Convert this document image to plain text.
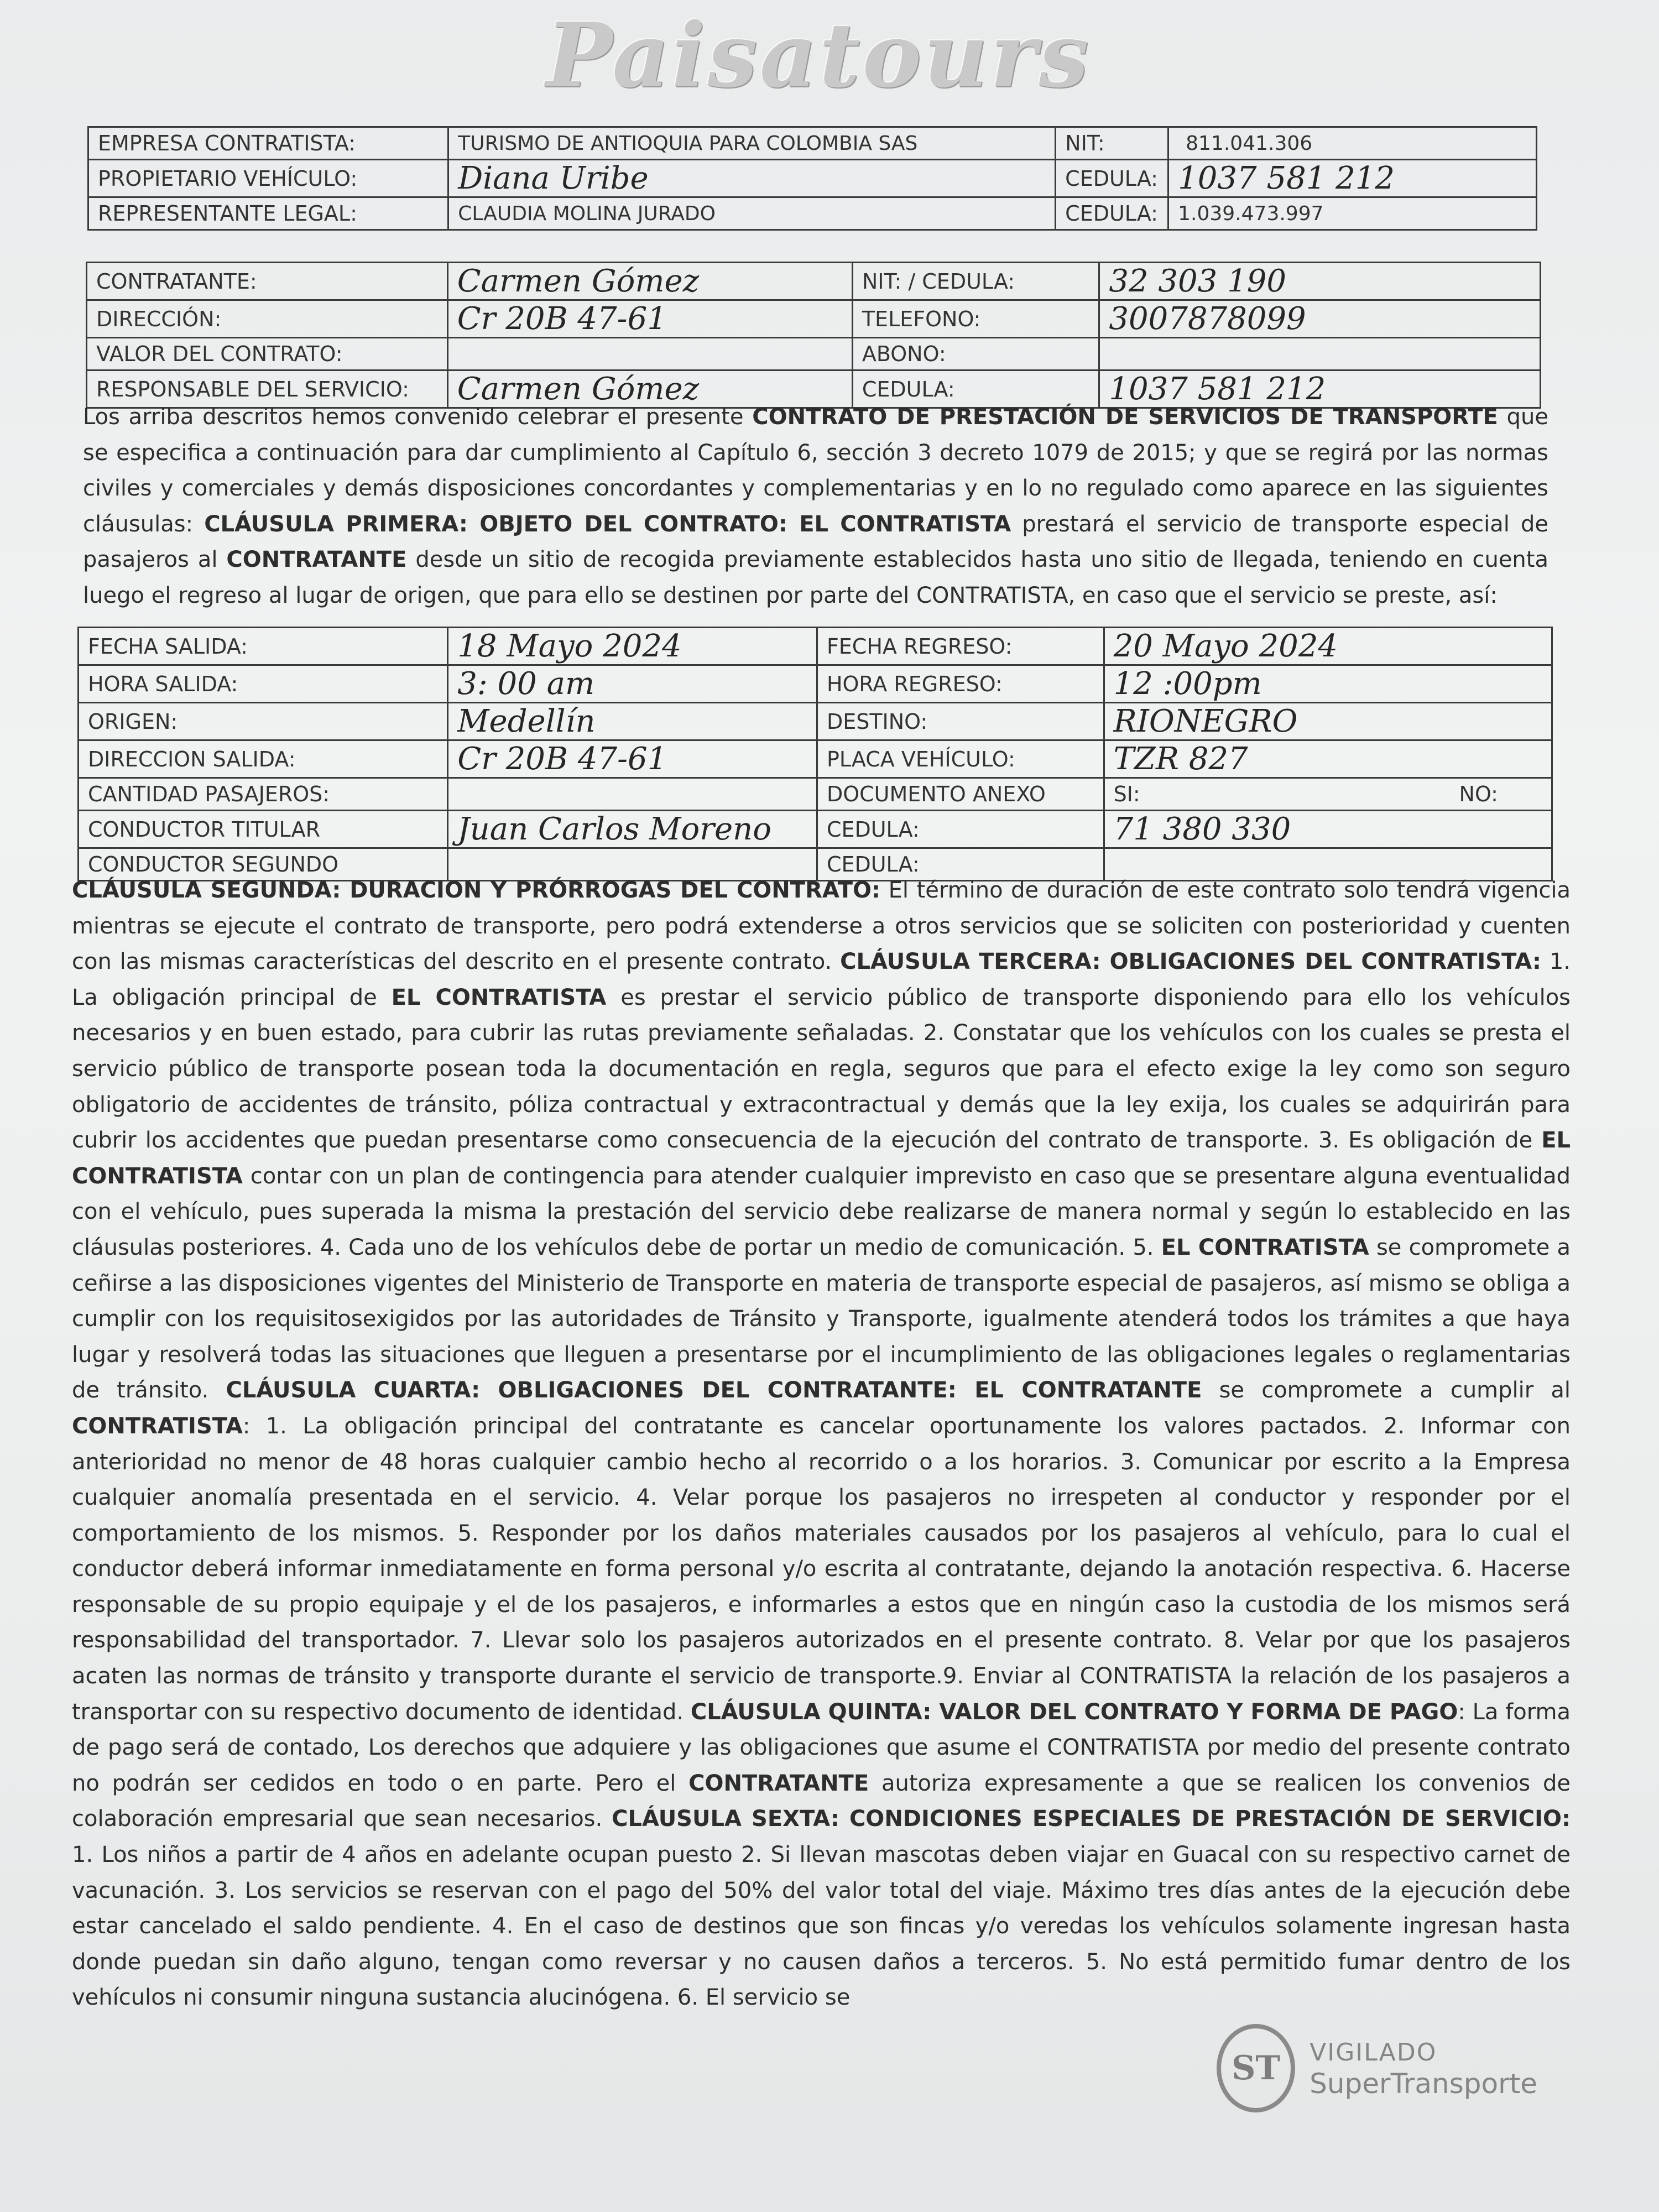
Paisatours
EMPRESA CONTRATISTA:	TURISMO DE ANTIOQUIA PARA COLOMBIA SAS	NIT:	811.041.306
PROPIETARIO VEHÍCULO:	Diana Uribe	CEDULA:	1037 581 212
REPRESENTANTE LEGAL:	CLAUDIA MOLINA JURADO	CEDULA:	1.039.473.997
CONTRATANTE:	Carmen Gómez	NIT: / CEDULA:	32 303 190
DIRECCIÓN:	Cr 20B 47-61	TELEFONO:	3007878099
VALOR DEL CONTRATO:		ABONO:	
RESPONSABLE DEL SERVICIO:	Carmen Gómez	CEDULA:	1037 581 212

Los arriba descritos hemos convenido celebrar el presente CONTRATO DE PRESTACIÓN DE SERVICIOS DE TRANSPORTE que se especifica a continuación para dar cumplimiento al Capítulo 6, sección 3 decreto 1079 de 2015; y que se regirá por las normas civiles y comerciales y demás disposiciones concordantes y complementarias y en lo no regulado como aparece en las siguientes cláusulas: CLÁUSULA PRIMERA: OBJETO DEL CONTRATO: EL CONTRATISTA prestará el servicio de transporte especial de pasajeros al CONTRATANTE desde un sitio de recogida previamente establecidos hasta uno sitio de llegada, teniendo en cuenta luego el regreso al lugar de origen, que para ello se destinen por parte del CONTRATISTA, en caso que el servicio se preste, así:

FECHA SALIDA:	18 Mayo 2024	FECHA REGRESO:	20 Mayo 2024
HORA SALIDA:	3: 00 am	HORA REGRESO:	12 :00pm
ORIGEN:	Medellín	DESTINO:	RIONEGRO
DIRECCION SALIDA:	Cr 20B 47-61	PLACA VEHÍCULO:	TZR 827
CANTIDAD PASAJEROS:		DOCUMENTO ANEXO	SI: NO:

CONDUCTOR TITULAR	Juan Carlos Moreno	CEDULA:	71 380 330
CONDUCTOR SEGUNDO		CEDULA:	

CLÁUSULA SEGUNDA: DURACION Y PRÓRROGAS DEL CONTRATO: El término de duración de este contrato solo tendrá vigencia mientras se ejecute el contrato de transporte, pero podrá extenderse a otros servicios que se soliciten con posterioridad y cuenten con las mismas características del descrito en el presente contrato. CLÁUSULA TERCERA: OBLIGACIONES DEL CONTRATISTA: 1. La obligación principal de EL CONTRATISTA es prestar el servicio público de transporte disponiendo para ello los vehículos necesarios y en buen estado, para cubrir las rutas previamente señaladas. 2. Constatar que los vehículos con los cuales se presta el servicio público de transporte posean toda la documentación en regla, seguros que para el efecto exige la ley como son seguro obligatorio de accidentes de tránsito, póliza contractual y extracontractual y demás que la ley exija, los cuales se adquirirán para cubrir los accidentes que puedan presentarse como consecuencia de la ejecución del contrato de transporte. 3. Es obligación de EL CONTRATISTA contar con un plan de contingencia para atender cualquier imprevisto en caso que se presentare alguna eventualidad con el vehículo, pues superada la misma la prestación del servicio debe realizarse de manera normal y según lo establecido en las cláusulas posteriores. 4. Cada uno de los vehículos debe de portar un medio de comunicación. 5. EL CONTRATISTA se compromete a ceñirse a las disposiciones vigentes del Ministerio de Transporte en materia de transporte especial de pasajeros, así mismo se obliga a cumplir con los requisitosexigidos por las autoridades de Tránsito y Transporte, igualmente atenderá todos los trámites a que haya lugar y resolverá todas las situaciones que lleguen a presentarse por el incumplimiento de las obligaciones legales o reglamentarias de tránsito. CLÁUSULA CUARTA: OBLIGACIONES DEL CONTRATANTE: EL CONTRATANTE se compromete a cumplir al CONTRATISTA: 1. La obligación principal del contratante es cancelar oportunamente los valores pactados. 2. Informar con anterioridad no menor de 48 horas cualquier cambio hecho al recorrido o a los horarios. 3. Comunicar por escrito a la Empresa cualquier anomalía presentada en el servicio. 4. Velar porque los pasajeros no irrespeten al conductor y responder por el comportamiento de los mismos. 5. Responder por los daños materiales causados por los pasajeros al vehículo, para lo cual el conductor deberá informar inmediatamente en forma personal y/o escrita al contratante, dejando la anotación respectiva. 6. Hacerse responsable de su propio equipaje y el de los pasajeros, e informarles a estos que en ningún caso la custodia de los mismos será responsabilidad del transportador. 7. Llevar solo los pasajeros autorizados en el presente contrato. 8. Velar por que los pasajeros acaten las normas de tránsito y transporte durante el servicio de transporte.9. Enviar al CONTRATISTA la relación de los pasajeros a transportar con su respectivo documento de identidad. CLÁUSULA QUINTA: VALOR DEL CONTRATO Y FORMA DE PAGO: La forma de pago será de contado, Los derechos que adquiere y las obligaciones que asume el CONTRATISTA por medio del presente contrato no podrán ser cedidos en todo o en parte. Pero el CONTRATANTE autoriza expresamente a que se realicen los convenios de colaboración empresarial que sean necesarios. CLÁUSULA SEXTA: CONDICIONES ESPECIALES DE PRESTACIÓN DE SERVICIO: 1. Los niños a partir de 4 años en adelante ocupan puesto 2. Si llevan mascotas deben viajar en Guacal con su respectivo carnet de vacunación. 3. Los servicios se reservan con el pago del 50% del valor total del viaje. Máximo tres días antes de la ejecución debe estar cancelado el saldo pendiente. 4. En el caso de destinos que son fincas y/o veredas los vehículos solamente ingresan hasta donde puedan sin daño alguno, tengan como reversar y no causen daños a terceros. 5. No está permitido fumar dentro de los vehículos ni consumir ninguna sustancia alucinógena. 6. El servicio se

ST	VIGILADO
SuperTransporte
